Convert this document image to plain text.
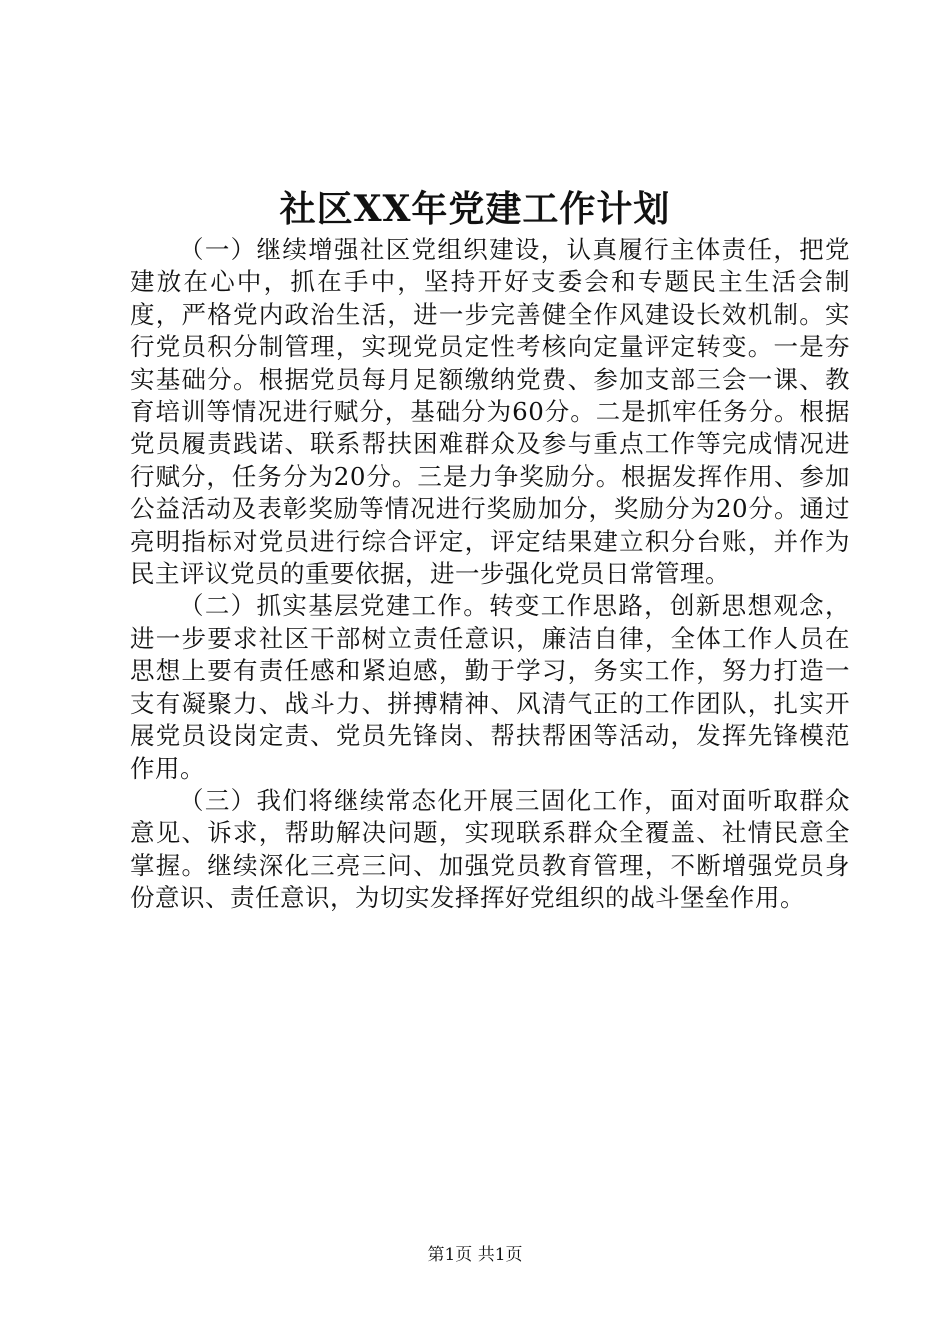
社区XX年党建工作计划

（一）继续增强社区党组织建设，认真履行主体责任，把党建放在心中，抓在手中，坚持开好支委会和专题民主生活会制度，严格党内政治生活，进一步完善健全作风建设长效机制。实行党员积分制管理，实现党员定性考核向定量评定转变。一是夯实基础分。根据党员每月足额缴纳党费、参加支部三会一课、教育培训等情况进行赋分，基础分为60分。二是抓牢任务分。根据党员履责践诺、联系帮扶困难群众及参与重点工作等完成情况进行赋分，任务分为20分。三是力争奖励分。根据发挥作用、参加公益活动及表彰奖励等情况进行奖励加分，奖励分为20分。通过亮明指标对党员进行综合评定，评定结果建立积分台账，并作为民主评议党员的重要依据，进一步强化党员日常管理。

（二）抓实基层党建工作。转变工作思路，创新思想观念，进一步要求社区干部树立责任意识，廉洁自律，全体工作人员在思想上要有责任感和紧迫感，勤于学习，务实工作，努力打造一支有凝聚力、战斗力、拼搏精神、风清气正的工作团队，扎实开展党员设岗定责、党员先锋岗、帮扶帮困等活动，发挥先锋模范作用。

（三）我们将继续常态化开展三固化工作，面对面听取群众意见、诉求，帮助解决问题，实现联系群众全覆盖、社情民意全掌握。继续深化三亮三问、加强党员教育管理，不断增强党员身份意识、责任意识，为切实发择挥好党组织的战斗堡垒作用。

第1页 共1页
